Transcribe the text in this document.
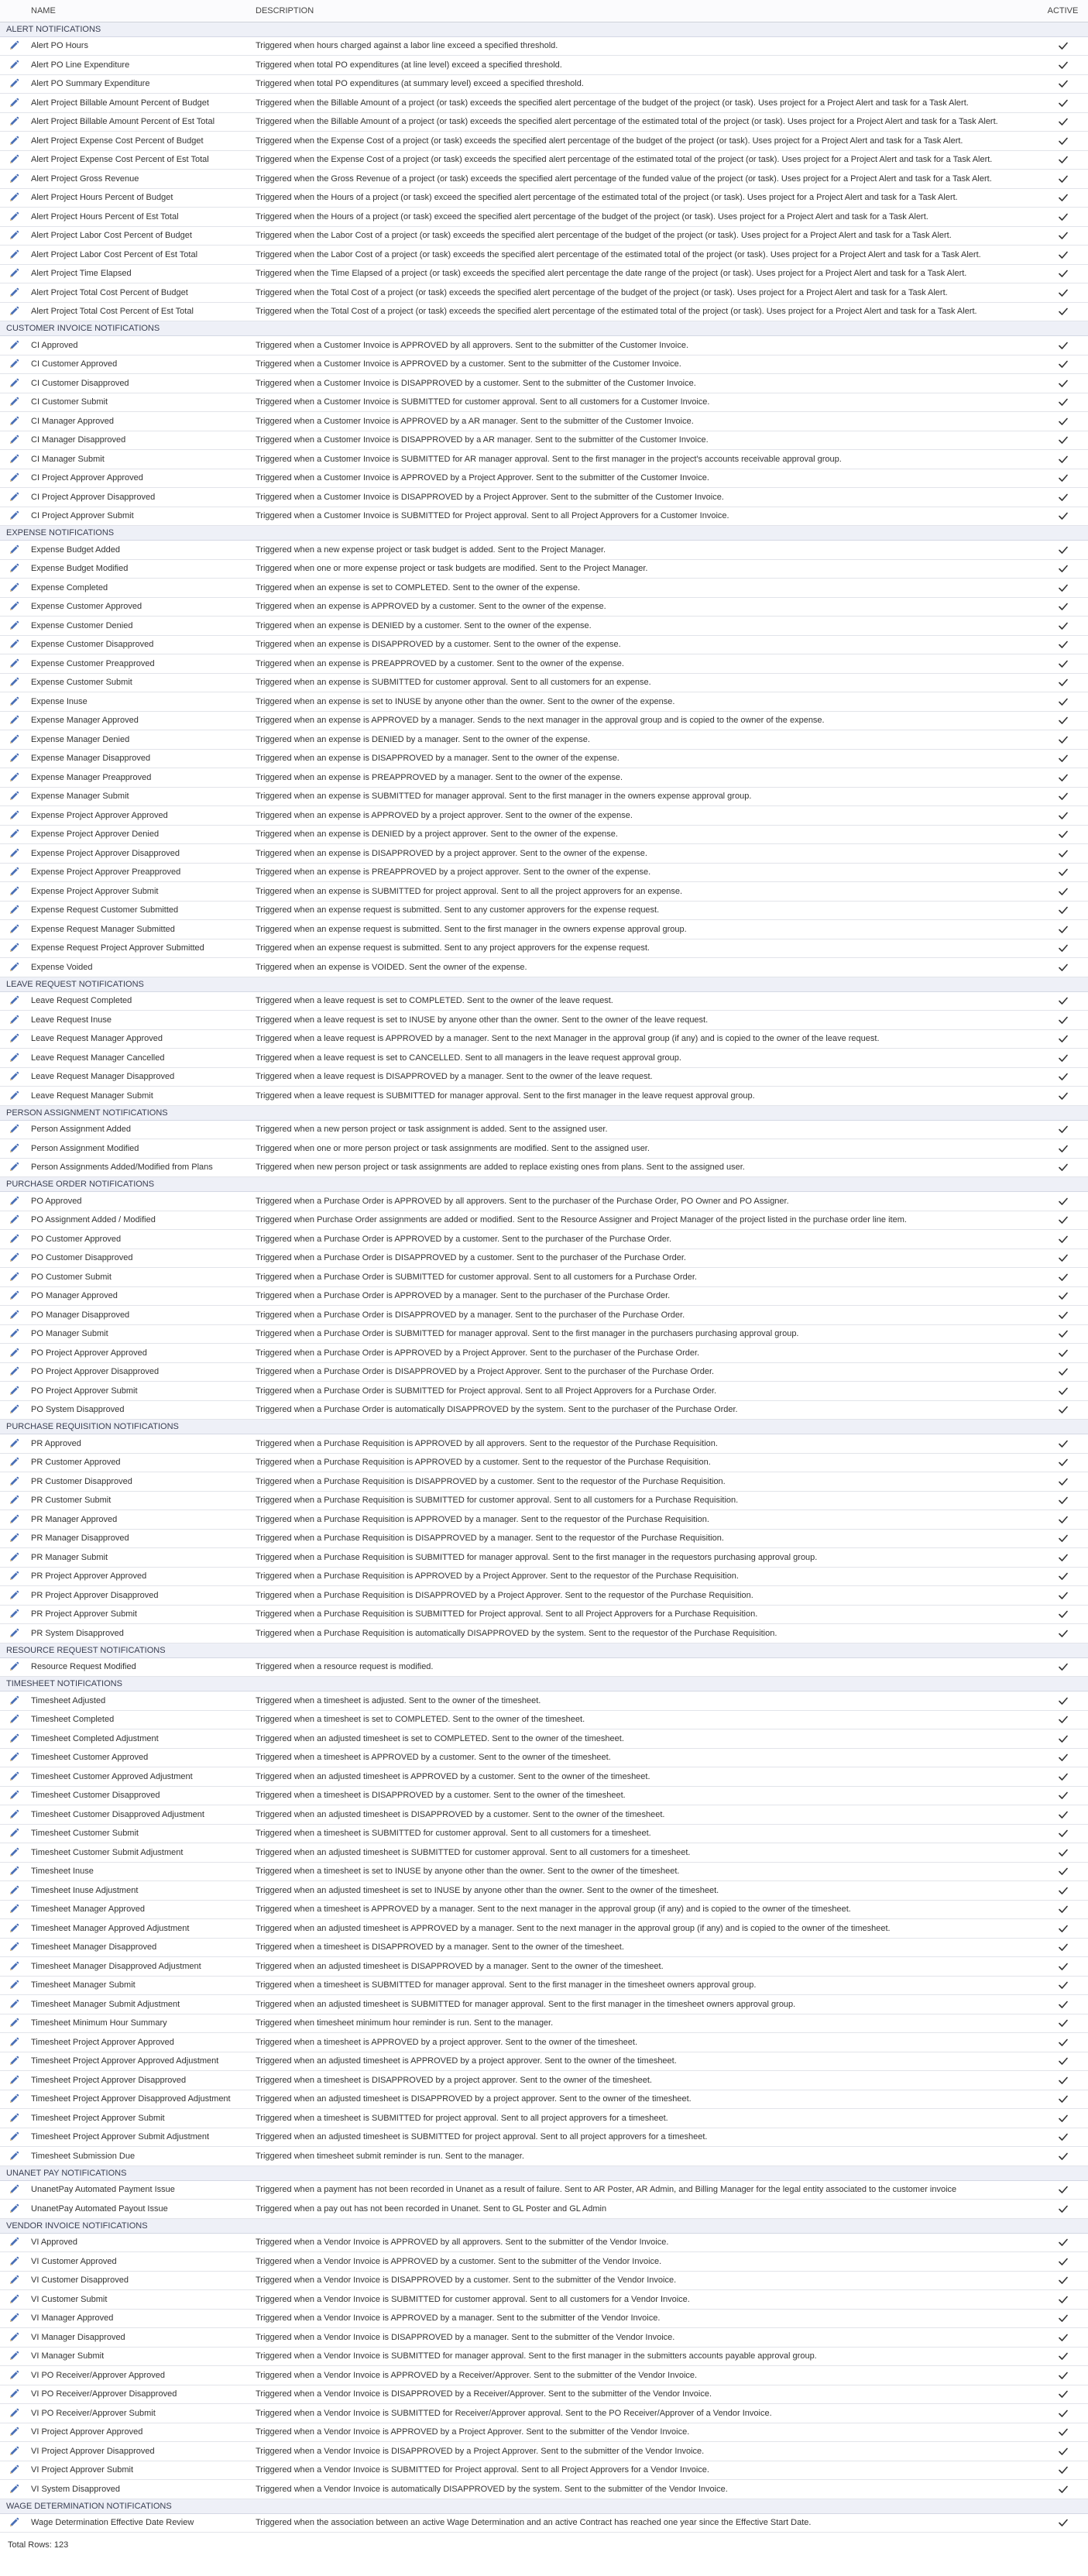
	NAME	DESCRIPTION	ACTIVE
ALERT NOTIFICATIONS			
	Alert PO Hours	Triggered when hours charged against a labor line exceed a specified threshold.	
	Alert PO Line Expenditure	Triggered when total PO expenditures (at line level) exceed a specified threshold.	
	Alert PO Summary Expenditure	Triggered when total PO expenditures (at summary level) exceed a specified threshold.	
	Alert Project Billable Amount Percent of Budget	Triggered when the Billable Amount of a project (or task) exceeds the specified alert percentage of the budget of the project (or task). Uses project for a Project Alert and task for a Task Alert.	
	Alert Project Billable Amount Percent of Est Total	Triggered when the Billable Amount of a project (or task) exceeds the specified alert percentage of the estimated total of the project (or task). Uses project for a Project Alert and task for a Task Alert.	
	Alert Project Expense Cost Percent of Budget	Triggered when the Expense Cost of a project (or task) exceeds the specified alert percentage of the budget of the project (or task). Uses project for a Project Alert and task for a Task Alert.	
	Alert Project Expense Cost Percent of Est Total	Triggered when the Expense Cost of a project (or task) exceeds the specified alert percentage of the estimated total of the project (or task). Uses project for a Project Alert and task for a Task Alert.	
	Alert Project Gross Revenue	Triggered when the Gross Revenue of a project (or task) exceeds the specified alert percentage of the funded value of the project (or task). Uses project for a Project Alert and task for a Task Alert.	
	Alert Project Hours Percent of Budget	Triggered when the Hours of a project (or task) exceed the specified alert percentage of the estimated total of the project (or task). Uses project for a Project Alert and task for a Task Alert.	
	Alert Project Hours Percent of Est Total	Triggered when the Hours of a project (or task) exceed the specified alert percentage of the budget of the project (or task). Uses project for a Project Alert and task for a Task Alert.	
	Alert Project Labor Cost Percent of Budget	Triggered when the Labor Cost of a project (or task) exceeds the specified alert percentage of the budget of the project (or task). Uses project for a Project Alert and task for a Task Alert.	
	Alert Project Labor Cost Percent of Est Total	Triggered when the Labor Cost of a project (or task) exceeds the specified alert percentage of the estimated total of the project (or task). Uses project for a Project Alert and task for a Task Alert.	
	Alert Project Time Elapsed	Triggered when the Time Elapsed of a project (or task) exceeds the specified alert percentage the date range of the project (or task). Uses project for a Project Alert and task for a Task Alert.	
	Alert Project Total Cost Percent of Budget	Triggered when the Total Cost of a project (or task) exceeds the specified alert percentage of the budget of the project (or task). Uses project for a Project Alert and task for a Task Alert.	
	Alert Project Total Cost Percent of Est Total	Triggered when the Total Cost of a project (or task) exceeds the specified alert percentage of the estimated total of the project (or task). Uses project for a Project Alert and task for a Task Alert.	
CUSTOMER INVOICE NOTIFICATIONS			
	CI Approved	Triggered when a Customer Invoice is APPROVED by all approvers. Sent to the submitter of the Customer Invoice.	
	CI Customer Approved	Triggered when a Customer Invoice is APPROVED by a customer. Sent to the submitter of the Customer Invoice.	
	CI Customer Disapproved	Triggered when a Customer Invoice is DISAPPROVED by a customer. Sent to the submitter of the Customer Invoice.	
	CI Customer Submit	Triggered when a Customer Invoice is SUBMITTED for customer approval. Sent to all customers for a Customer Invoice.	
	CI Manager Approved	Triggered when a Customer Invoice is APPROVED by a AR manager. Sent to the submitter of the Customer Invoice.	
	CI Manager Disapproved	Triggered when a Customer Invoice is DISAPPROVED by a AR manager. Sent to the submitter of the Customer Invoice.	
	CI Manager Submit	Triggered when a Customer Invoice is SUBMITTED for AR manager approval. Sent to the first manager in the project's accounts receivable approval group.	
	CI Project Approver Approved	Triggered when a Customer Invoice is APPROVED by a Project Approver. Sent to the submitter of the Customer Invoice.	
	CI Project Approver Disapproved	Triggered when a Customer Invoice is DISAPPROVED by a Project Approver. Sent to the submitter of the Customer Invoice.	
	CI Project Approver Submit	Triggered when a Customer Invoice is SUBMITTED for Project approval. Sent to all Project Approvers for a Customer Invoice.	
EXPENSE NOTIFICATIONS			
	Expense Budget Added	Triggered when a new expense project or task budget is added. Sent to the Project Manager.	
	Expense Budget Modified	Triggered when one or more expense project or task budgets are modified. Sent to the Project Manager.	
	Expense Completed	Triggered when an expense is set to COMPLETED. Sent to the owner of the expense.	
	Expense Customer Approved	Triggered when an expense is APPROVED by a customer. Sent to the owner of the expense.	
	Expense Customer Denied	Triggered when an expense is DENIED by a customer. Sent to the owner of the expense.	
	Expense Customer Disapproved	Triggered when an expense is DISAPPROVED by a customer. Sent to the owner of the expense.	
	Expense Customer Preapproved	Triggered when an expense is PREAPPROVED by a customer. Sent to the owner of the expense.	
	Expense Customer Submit	Triggered when an expense is SUBMITTED for customer approval. Sent to all customers for an expense.	
	Expense Inuse	Triggered when an expense is set to INUSE by anyone other than the owner. Sent to the owner of the expense.	
	Expense Manager Approved	Triggered when an expense is APPROVED by a manager. Sends to the next manager in the approval group and is copied to the owner of the expense.	
	Expense Manager Denied	Triggered when an expense is DENIED by a manager. Sent to the owner of the expense.	
	Expense Manager Disapproved	Triggered when an expense is DISAPPROVED by a manager. Sent to the owner of the expense.	
	Expense Manager Preapproved	Triggered when an expense is PREAPPROVED by a manager. Sent to the owner of the expense.	
	Expense Manager Submit	Triggered when an expense is SUBMITTED for manager approval. Sent to the first manager in the owners expense approval group.	
	Expense Project Approver Approved	Triggered when an expense is APPROVED by a project approver. Sent to the owner of the expense.	
	Expense Project Approver Denied	Triggered when an expense is DENIED by a project approver. Sent to the owner of the expense.	
	Expense Project Approver Disapproved	Triggered when an expense is DISAPPROVED by a project approver. Sent to the owner of the expense.	
	Expense Project Approver Preapproved	Triggered when an expense is PREAPPROVED by a project approver. Sent to the owner of the expense.	
	Expense Project Approver Submit	Triggered when an expense is SUBMITTED for project approval. Sent to all the project approvers for an expense.	
	Expense Request Customer Submitted	Triggered when an expense request is submitted. Sent to any customer approvers for the expense request.	
	Expense Request Manager Submitted	Triggered when an expense request is submitted. Sent to the first manager in the owners expense approval group.	
	Expense Request Project Approver Submitted	Triggered when an expense request is submitted. Sent to any project approvers for the expense request.	
	Expense Voided	Triggered when an expense is VOIDED. Sent the owner of the expense.	
LEAVE REQUEST NOTIFICATIONS			
	Leave Request Completed	Triggered when a leave request is set to COMPLETED. Sent to the owner of the leave request.	
	Leave Request Inuse	Triggered when a leave request is set to INUSE by anyone other than the owner. Sent to the owner of the leave request.	
	Leave Request Manager Approved	Triggered when a leave request is APPROVED by a manager. Sent to the next Manager in the approval group (if any) and is copied to the owner of the leave request.	
	Leave Request Manager Cancelled	Triggered when a leave request is set to CANCELLED. Sent to all managers in the leave request approval group.	
	Leave Request Manager Disapproved	Triggered when a leave request is DISAPPROVED by a manager. Sent to the owner of the leave request.	
	Leave Request Manager Submit	Triggered when a leave request is SUBMITTED for manager approval. Sent to the first manager in the leave request approval group.	
PERSON ASSIGNMENT NOTIFICATIONS			
	Person Assignment Added	Triggered when a new person project or task assignment is added. Sent to the assigned user.	
	Person Assignment Modified	Triggered when one or more person project or task assignments are modified. Sent to the assigned user.	
	Person Assignments Added/Modified from Plans	Triggered when new person project or task assignments are added to replace existing ones from plans. Sent to the assigned user.	
PURCHASE ORDER NOTIFICATIONS			
	PO Approved	Triggered when a Purchase Order is APPROVED by all approvers. Sent to the purchaser of the Purchase Order, PO Owner and PO Assigner.	
	PO Assignment Added / Modified	Triggered when Purchase Order assignments are added or modified. Sent to the Resource Assigner and Project Manager of the project listed in the purchase order line item.	
	PO Customer Approved	Triggered when a Purchase Order is APPROVED by a customer. Sent to the purchaser of the Purchase Order.	
	PO Customer Disapproved	Triggered when a Purchase Order is DISAPPROVED by a customer. Sent to the purchaser of the Purchase Order.	
	PO Customer Submit	Triggered when a Purchase Order is SUBMITTED for customer approval. Sent to all customers for a Purchase Order.	
	PO Manager Approved	Triggered when a Purchase Order is APPROVED by a manager. Sent to the purchaser of the Purchase Order.	
	PO Manager Disapproved	Triggered when a Purchase Order is DISAPPROVED by a manager. Sent to the purchaser of the Purchase Order.	
	PO Manager Submit	Triggered when a Purchase Order is SUBMITTED for manager approval. Sent to the first manager in the purchasers purchasing approval group.	
	PO Project Approver Approved	Triggered when a Purchase Order is APPROVED by a Project Approver. Sent to the purchaser of the Purchase Order.	
	PO Project Approver Disapproved	Triggered when a Purchase Order is DISAPPROVED by a Project Approver. Sent to the purchaser of the Purchase Order.	
	PO Project Approver Submit	Triggered when a Purchase Order is SUBMITTED for Project approval. Sent to all Project Approvers for a Purchase Order.	
	PO System Disapproved	Triggered when a Purchase Order is automatically DISAPPROVED by the system. Sent to the purchaser of the Purchase Order.	
PURCHASE REQUISITION NOTIFICATIONS			
	PR Approved	Triggered when a Purchase Requisition is APPROVED by all approvers. Sent to the requestor of the Purchase Requisition.	
	PR Customer Approved	Triggered when a Purchase Requisition is APPROVED by a customer. Sent to the requestor of the Purchase Requisition.	
	PR Customer Disapproved	Triggered when a Purchase Requisition is DISAPPROVED by a customer. Sent to the requestor of the Purchase Requisition.	
	PR Customer Submit	Triggered when a Purchase Requisition is SUBMITTED for customer approval. Sent to all customers for a Purchase Requisition.	
	PR Manager Approved	Triggered when a Purchase Requisition is APPROVED by a manager. Sent to the requestor of the Purchase Requisition.	
	PR Manager Disapproved	Triggered when a Purchase Requisition is DISAPPROVED by a manager. Sent to the requestor of the Purchase Requisition.	
	PR Manager Submit	Triggered when a Purchase Requisition is SUBMITTED for manager approval. Sent to the first manager in the requestors purchasing approval group.	
	PR Project Approver Approved	Triggered when a Purchase Requisition is APPROVED by a Project Approver. Sent to the requestor of the Purchase Requisition.	
	PR Project Approver Disapproved	Triggered when a Purchase Requisition is DISAPPROVED by a Project Approver. Sent to the requestor of the Purchase Requisition.	
	PR Project Approver Submit	Triggered when a Purchase Requisition is SUBMITTED for Project approval. Sent to all Project Approvers for a Purchase Requisition.	
	PR System Disapproved	Triggered when a Purchase Requisition is automatically DISAPPROVED by the system. Sent to the requestor of the Purchase Requisition.	
RESOURCE REQUEST NOTIFICATIONS			
	Resource Request Modified	Triggered when a resource request is modified.	
TIMESHEET NOTIFICATIONS			
	Timesheet Adjusted	Triggered when a timesheet is adjusted. Sent to the owner of the timesheet.	
	Timesheet Completed	Triggered when a timesheet is set to COMPLETED. Sent to the owner of the timesheet.	
	Timesheet Completed Adjustment	Triggered when an adjusted timesheet is set to COMPLETED. Sent to the owner of the timesheet.	
	Timesheet Customer Approved	Triggered when a timesheet is APPROVED by a customer. Sent to the owner of the timesheet.	
	Timesheet Customer Approved Adjustment	Triggered when an adjusted timesheet is APPROVED by a customer. Sent to the owner of the timesheet.	
	Timesheet Customer Disapproved	Triggered when a timesheet is DISAPPROVED by a customer. Sent to the owner of the timesheet.	
	Timesheet Customer Disapproved Adjustment	Triggered when an adjusted timesheet is DISAPPROVED by a customer. Sent to the owner of the timesheet.	
	Timesheet Customer Submit	Triggered when a timesheet is SUBMITTED for customer approval. Sent to all customers for a timesheet.	
	Timesheet Customer Submit Adjustment	Triggered when an adjusted timesheet is SUBMITTED for customer approval. Sent to all customers for a timesheet.	
	Timesheet Inuse	Triggered when a timesheet is set to INUSE by anyone other than the owner. Sent to the owner of the timesheet.	
	Timesheet Inuse Adjustment	Triggered when an adjusted timesheet is set to INUSE by anyone other than the owner. Sent to the owner of the timesheet.	
	Timesheet Manager Approved	Triggered when a timesheet is APPROVED by a manager. Sent to the next manager in the approval group (if any) and is copied to the owner of the timesheet.	
	Timesheet Manager Approved Adjustment	Triggered when an adjusted timesheet is APPROVED by a manager. Sent to the next manager in the approval group (if any) and is copied to the owner of the timesheet.	
	Timesheet Manager Disapproved	Triggered when a timesheet is DISAPPROVED by a manager. Sent to the owner of the timesheet.	
	Timesheet Manager Disapproved Adjustment	Triggered when an adjusted timesheet is DISAPPROVED by a manager. Sent to the owner of the timesheet.	
	Timesheet Manager Submit	Triggered when a timesheet is SUBMITTED for manager approval. Sent to the first manager in the timesheet owners approval group.	
	Timesheet Manager Submit Adjustment	Triggered when an adjusted timesheet is SUBMITTED for manager approval. Sent to the first manager in the timesheet owners approval group.	
	Timesheet Minimum Hour Summary	Triggered when timesheet minimum hour reminder is run. Sent to the manager.	
	Timesheet Project Approver Approved	Triggered when a timesheet is APPROVED by a project approver. Sent to the owner of the timesheet.	
	Timesheet Project Approver Approved Adjustment	Triggered when an adjusted timesheet is APPROVED by a project approver. Sent to the owner of the timesheet.	
	Timesheet Project Approver Disapproved	Triggered when a timesheet is DISAPPROVED by a project approver. Sent to the owner of the timesheet.	
	Timesheet Project Approver Disapproved Adjustment	Triggered when an adjusted timesheet is DISAPPROVED by a project approver. Sent to the owner of the timesheet.	
	Timesheet Project Approver Submit	Triggered when a timesheet is SUBMITTED for project approval. Sent to all project approvers for a timesheet.	
	Timesheet Project Approver Submit Adjustment	Triggered when an adjusted timesheet is SUBMITTED for project approval. Sent to all project approvers for a timesheet.	
	Timesheet Submission Due	Triggered when timesheet submit reminder is run. Sent to the manager.	
UNANET PAY NOTIFICATIONS			
	UnanetPay Automated Payment Issue	Triggered when a payment has not been recorded in Unanet as a result of failure. Sent to AR Poster, AR Admin, and Billing Manager for the legal entity associated to the customer invoice	
	UnanetPay Automated Payout Issue	Triggered when a pay out has not been recorded in Unanet. Sent to GL Poster and GL Admin	
VENDOR INVOICE NOTIFICATIONS			
	VI Approved	Triggered when a Vendor Invoice is APPROVED by all approvers. Sent to the submitter of the Vendor Invoice.	
	VI Customer Approved	Triggered when a Vendor Invoice is APPROVED by a customer. Sent to the submitter of the Vendor Invoice.	
	VI Customer Disapproved	Triggered when a Vendor Invoice is DISAPPROVED by a customer. Sent to the submitter of the Vendor Invoice.	
	VI Customer Submit	Triggered when a Vendor Invoice is SUBMITTED for customer approval. Sent to all customers for a Vendor Invoice.	
	VI Manager Approved	Triggered when a Vendor Invoice is APPROVED by a manager. Sent to the submitter of the Vendor Invoice.	
	VI Manager Disapproved	Triggered when a Vendor Invoice is DISAPPROVED by a manager. Sent to the submitter of the Vendor Invoice.	
	VI Manager Submit	Triggered when a Vendor Invoice is SUBMITTED for manager approval. Sent to the first manager in the submitters accounts payable approval group.	
	VI PO Receiver/Approver Approved	Triggered when a Vendor Invoice is APPROVED by a Receiver/Approver. Sent to the submitter of the Vendor Invoice.	
	VI PO Receiver/Approver Disapproved	Triggered when a Vendor Invoice is DISAPPROVED by a Receiver/Approver. Sent to the submitter of the Vendor Invoice.	
	VI PO Receiver/Approver Submit	Triggered when a Vendor Invoice is SUBMITTED for Receiver/Approver approval. Sent to the PO Receiver/Approver of a Vendor Invoice.	
	VI Project Approver Approved	Triggered when a Vendor Invoice is APPROVED by a Project Approver. Sent to the submitter of the Vendor Invoice.	
	VI Project Approver Disapproved	Triggered when a Vendor Invoice is DISAPPROVED by a Project Approver. Sent to the submitter of the Vendor Invoice.	
	VI Project Approver Submit	Triggered when a Vendor Invoice is SUBMITTED for Project approval. Sent to all Project Approvers for a Vendor Invoice.	
	VI System Disapproved	Triggered when a Vendor Invoice is automatically DISAPPROVED by the system. Sent to the submitter of the Vendor Invoice.	
WAGE DETERMINATION NOTIFICATIONS			
	Wage Determination Effective Date Review	Triggered when the association between an active Wage Determination and an active Contract has reached one year since the Effective Start Date.	
Total Rows: 123
